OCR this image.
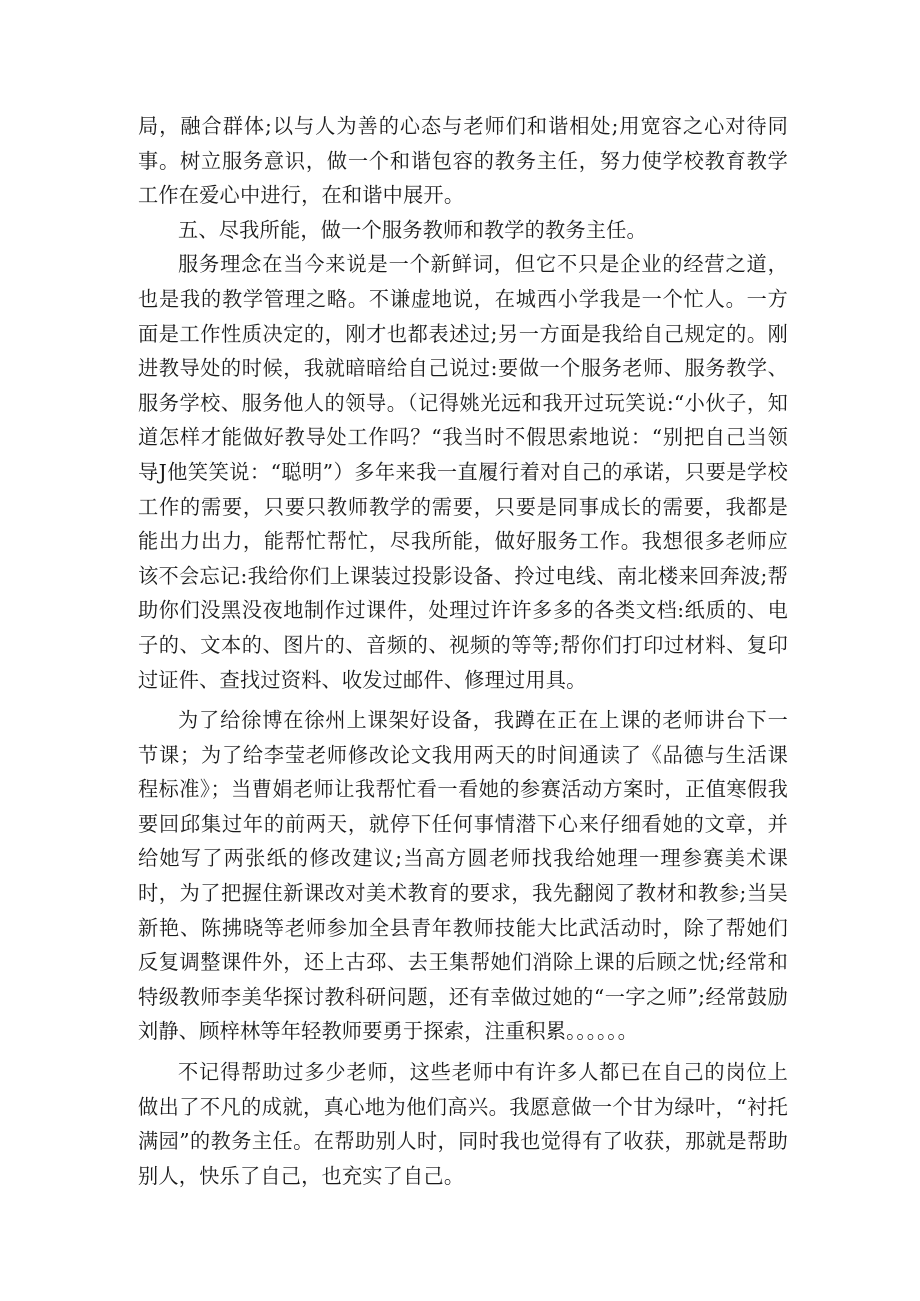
局，融合群体;以与人为善的心态与老师们和谐相处;用宽容之心对待同事。树立服务意识，做一个和谐包容的教务主任，努力使学校教育教学工作在爱心中进行，在和谐中展开。

五、尽我所能，做一个服务教师和教学的教务主任。

服务理念在当今来说是一个新鲜词，但它不只是企业的经营之道，也是我的教学管理之略。不谦虚地说，在城西小学我是一个忙人。一方面是工作性质决定的，刚才也都表述过;另一方面是我给自己规定的。刚进教导处的时候，我就暗暗给自己说过:要做一个服务老师、服务教学、服务学校、服务他人的领导。（记得姚光远和我开过玩笑说:“小伙子，知道怎样才能做好教导处工作吗？“我当时不假思索地说：“别把自己当领导J他笑笑说：“聪明”）多年来我一直履行着对自己的承诺，只要是学校工作的需要，只要只教师教学的需要，只要是同事成长的需要，我都是能出力出力，能帮忙帮忙，尽我所能，做好服务工作。我想很多老师应该不会忘记:我给你们上课装过投影设备、拎过电线、南北楼来回奔波;帮助你们没黑没夜地制作过课件，处理过许许多多的各类文档:纸质的、电子的、文本的、图片的、音频的、视频的等等;帮你们打印过材料、复印过证件、查找过资料、收发过邮件、修理过用具。

为了给徐博在徐州上课架好设备，我蹲在正在上课的老师讲台下一节课；为了给李莹老师修改论文我用两天的时间通读了《品德与生活课程标准》；当曹娟老师让我帮忙看一看她的参赛活动方案时，正值寒假我要回邱集过年的前两天，就停下任何事情潜下心来仔细看她的文章，并给她写了两张纸的修改建议;当高方圆老师找我给她理一理参赛美术课时，为了把握住新课改对美术教育的要求，我先翻阅了教材和教参;当吴新艳、陈拂晓等老师参加全县青年教师技能大比武活动时，除了帮她们反复调整课件外，还上古邳、去王集帮她们消除上课的后顾之忧;经常和特级教师李美华探讨教科研问题，还有幸做过她的“一字之师”;经常鼓励刘静、顾梓林等年轻教师要勇于探索，注重积累。。。。。。

不记得帮助过多少老师，这些老师中有许多人都已在自己的岗位上做出了不凡的成就，真心地为他们高兴。我愿意做一个甘为绿叶，“衬托满园”的教务主任。在帮助别人时，同时我也觉得有了收获，那就是帮助别人，快乐了自己，也充实了自己。
